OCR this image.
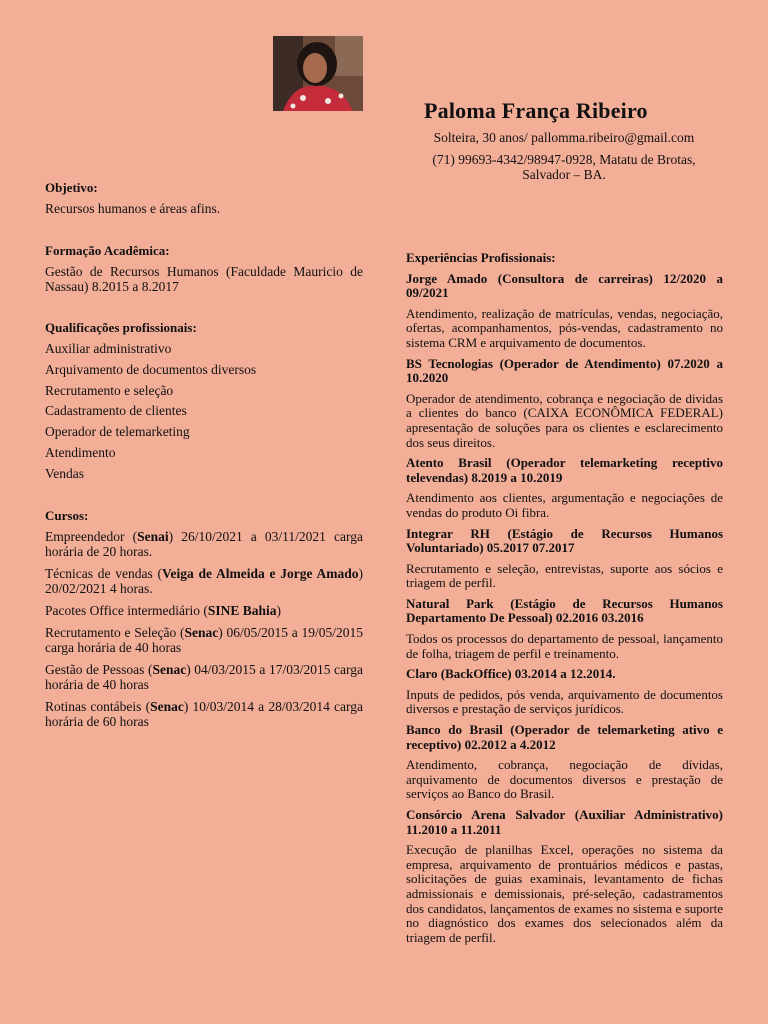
Paloma França Ribeiro
Solteira, 30 anos/ pallomma.ribeiro@gmail.com
(71) 99693-4342/98947-0928, Matatu de Brotas,
Salvador – BA.

Objetivo:

Recursos humanos e áreas afins.

Formação Acadêmica:

Gestão de Recursos Humanos (Faculdade Mauricio de Nassau) 8.2015 a 8.2017

Qualificações profissionais:

Auxiliar administrativo

Arquivamento de documentos diversos

Recrutamento e seleção

Cadastramento de clientes

Operador de telemarketing

Atendimento

Vendas

Cursos:

Empreendedor (Senai) 26/10/2021 a 03/11/2021 carga horária de 20 horas.

Técnicas de vendas (Veiga de Almeida e Jorge Amado) 20/02/2021 4 horas.

Pacotes Office intermediário (SINE Bahia)

Recrutamento e Seleção (Senac) 06/05/2015 a 19/05/2015 carga horária de 40 horas

Gestão de Pessoas (Senac) 04/03/2015 a 17/03/2015 carga horária de 40 horas

Rotinas contábeis (Senac) 10/03/2014 a 28/03/2014 carga horária de 60 horas

Experiências Profissionais:

Jorge Amado (Consultora de carreiras) 12/2020 a 09/2021

Atendimento, realização de matrículas, vendas, negociação, ofertas, acompanhamentos, pós-vendas, cadastramento no sistema CRM e arquivamento de documentos.

BS Tecnologias (Operador de Atendimento) 07.2020 a 10.2020

Operador de atendimento, cobrança e negociação de dividas a clientes do banco (CAIXA ECONÔMICA FEDERAL) apresentação de soluções para os clientes e esclarecimento dos seus direitos.

Atento Brasil (Operador telemarketing receptivo televendas) 8.2019 a 10.2019

Atendimento aos clientes, argumentação e negociações de vendas do produto Oi fibra.

Integrar RH (Estágio de Recursos Humanos Voluntariado) 05.2017 07.2017

Recrutamento e seleção, entrevistas, suporte aos sócios e triagem de perfil.

Natural Park (Estágio de Recursos Humanos Departamento De Pessoal) 02.2016 03.2016

Todos os processos do departamento de pessoal, lançamento de folha, triagem de perfil e treinamento.

Claro (BackOffice) 03.2014 a 12.2014.

Inputs de pedidos, pós venda, arquivamento de documentos diversos e prestação de serviços jurídicos.

Banco do Brasil (Operador de telemarketing ativo e receptivo) 02.2012 a 4.2012

Atendimento, cobrança, negociação de dívidas, arquivamento de documentos diversos e prestação de serviços ao Banco do Brasil.

Consórcio Arena Salvador (Auxiliar Administrativo) 11.2010 a 11.2011

Execução de planilhas Excel, operações no sistema da empresa, arquivamento de prontuários médicos e pastas, solicitações de guias examinais, levantamento de fichas admissionais e demissionais, pré-seleção, cadastramentos dos candidatos, lançamentos de exames no sistema e suporte no diagnóstico dos exames dos selecionados além da triagem de perfil.
